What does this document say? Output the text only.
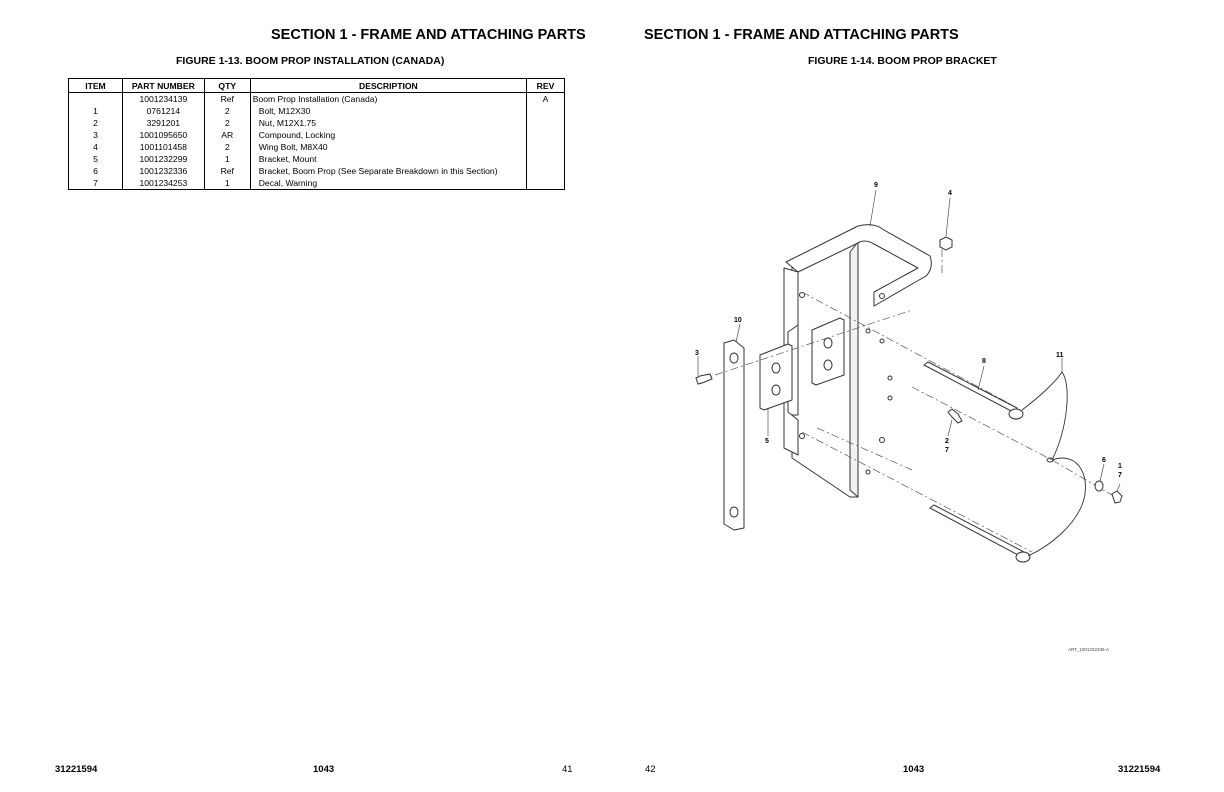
SECTION 1 - FRAME AND ATTACHING PARTS
FIGURE 1-13. BOOM PROP INSTALLATION (CANADA)
ITEM	PART NUMBER	QTY	DESCRIPTION	REV
	1001234139	Ref	Boom Prop Installation (Canada)	A
1	0761214	2	Bolt, M12X30	
2	3291201	2	Nut, M12X1.75	
3	1001095650	AR	Compound, Locking	
4	1001101458	2	Wing Bolt, M8X40	
5	1001232299	1	Bracket, Mount	
6	1001232336	Ref	Bracket, Boom Prop (See Separate Breakdown in this Section)	
7	1001234253	1	Decal, Warning	
31221594	1043	41
SECTION 1 - FRAME AND ATTACHING PARTS
FIGURE 1-14. BOOM PROP BRACKET
9
4
10
3
8
11
5	2
7
6
1
7
ART_1001232336-A
42	1043	31221594
